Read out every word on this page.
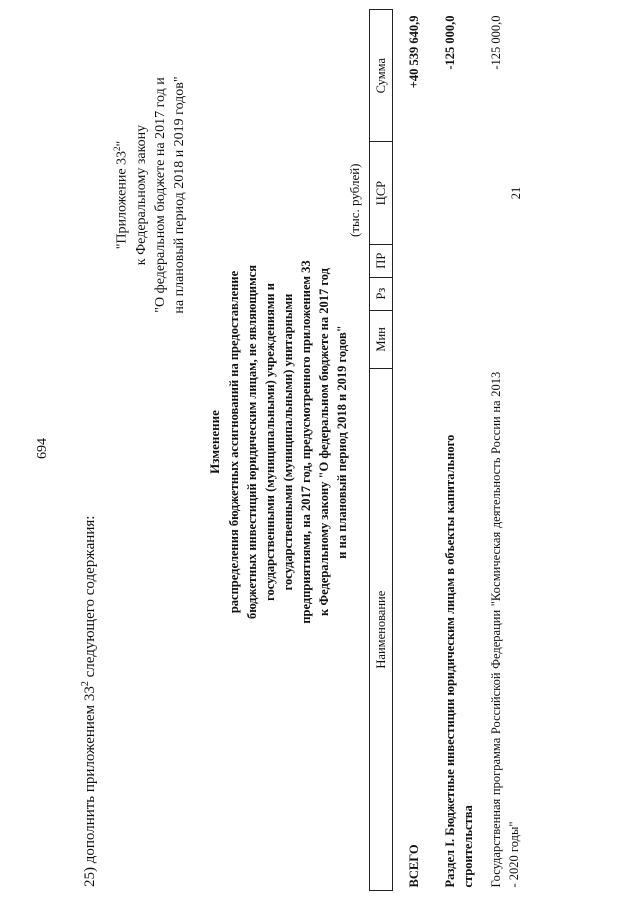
694
25) дополнить приложением $33^2$ следующего содержания:
"Приложение $33^2$" к Федеральному закону "О федеральном бюджете на 2017 год и на плановый период 2018 и 2019 годов"
Изменение распределения бюджетных ассигнований на предоставление бюджетных инвестиций юридическим лицам, не являющимся государственными (муниципальными) учреждениями и государственными (муниципальными) унитарными предприятиями, на 2017 год, предусмотренного приложением 33 к Федеральному закону "О федеральном бюджете на 2017 год и на плановый период 2018 и 2019 годов"
(тыс. рублей)
Наименование	Мин	Рз	ПР	ЦСР	Сумма
ВСЕГО					+40 539 640,9
Раздел I. Бюджетные инвестиции юридическим лицам в объекты капитального строительства					-125 000,0
Государственная программа Российской Федерации "Космическая деятельность России на 2013 - 2020 годы"				21	-125 000,0
